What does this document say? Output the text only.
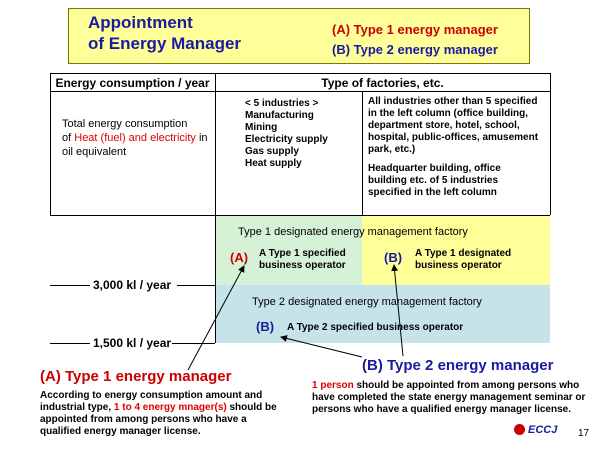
Appointment
of Energy Manager
(A) Type 1 energy manager
(B) Type 2 energy manager
3,000 kl / year
1,500 kl / year
Energy consumption / year	Type of factories, etc.
Total energy consumption
of Heat (fuel) and electricity in oil equivalent
< 5 industries >
Manufacturing
Mining
Electricity supply
Gas supply
Heat supply
All industries other than 5 specified in the left column (office building, department store, hotel, school, hospital, public-offices, amusement park, etc.)
Headquarter building, office building etc. of 5 industries specified in the left column
Type 1 designated energy management factory
(A) A Type 1 specified business operator
(B) A Type 1 designated business operator
Type 2 designated energy management factory
(B) A Type 2 specified business operator
(A) Type 1 energy manager
According to energy consumption amount and industrial type, 1 to 4 energy mnager(s) should be appointed from among persons who have a qualified energy manager license.
(B) Type 2 energy manager
1 person should be appointed from among persons who have completed the state energy management seminar or persons who have a qualified energy manager license.
ECCJ 17
